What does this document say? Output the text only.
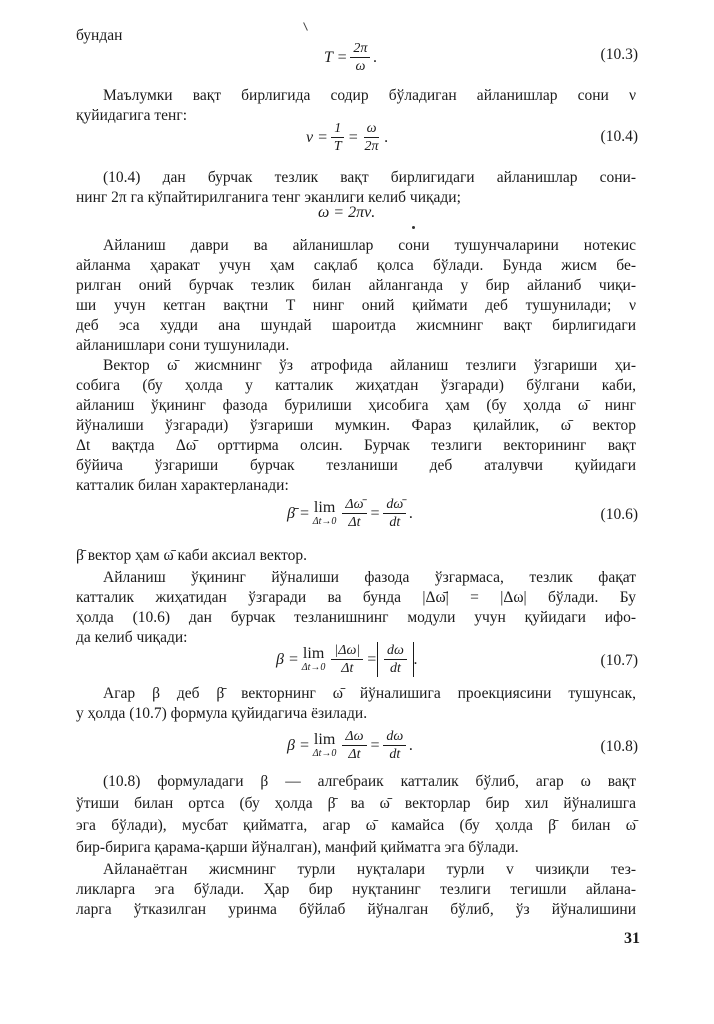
бундан
$T = \frac{2\pi}{\omega}$ .	(10.3)
$\nu = \frac{1}{T} = \frac{\omega}{2\pi}$ .	(10.4)
ω = 2πν.
β̄ = lim
$\Delta t\to 0 \frac{\Delta\omegā}{\Delta t} = \frac{d\omegā}{dt}$ .	(10.6)
β = lim
$\Delta t\to 0 \frac{|\Delta\omega|}{\Delta t} = \frac{d\omega}{dt}$ .	(10.7)
β = lim
$\Delta t\to 0 \frac{\Delta\omega}{\Delta t} = \frac{d\omega}{dt}$ .	(10.8)
31
Маълумки вақт бирлигида содир бўладиган айланишлар сони ν
қуйидагига тенг:
(10.4) дан бурчак тезлик вақт бирлигидаги айланишлар сони-
нинг 2π га кўпайтирилганига тенг эканлиги келиб чиқади;
Айланиш даври ва айланишлар сони тушунчаларини нотекис
айланма ҳаракат учун ҳам сақлаб қолса бўлади. Бунда жисм бе-
рилган оний бурчак тезлик билан айланганда у бир айланиб чиқи-
ши учун кетган вақтни T нинг оний қиймати деб тушунилади; ν
деб эса худди ана шундай шароитда жисмнинг вақт бирлигидаги
айланишлари сони тушунилади.
Вектор ω̄ жисмнинг ўз атрофида айланиш тезлиги ўзгариши ҳи-
собига (бу ҳолда у катталик жиҳатдан ўзгаради) бўлгани каби,
айланиш ўқининг фазода бурилиши ҳисобига ҳам (бу ҳолда ω̄ нинг
йўналиши ўзгаради) ўзгариши мумкин. Фараз қилайлик, ω̄ вектор
Δt вақтда Δω̄ орттирма олсин. Бурчак тезлиги векторининг вақт
бўйича ўзгариши бурчак тезланиши деб аталувчи қуйидаги
катталик билан характерланади:
β̄ вектор ҳам ω̄ каби аксиал вектор.
Айланиш ўқининг йўналиши фазода ўзгармаса, тезлик фақат
катталик жиҳатидан ўзгаради ва бунда |Δω̄| = |Δω| бўлади. Бу
ҳолда (10.6) дан бурчак тезланишнинг модули учун қуйидаги ифо-
да келиб чиқади:
Агар β деб β̄ векторнинг ω̄ йўналишига проекциясини тушунсак,
у ҳолда (10.7) формула қуйидагича ёзилади.
(10.8) формуладаги β — алгебраик катталик бўлиб, агар ω вақт
ўтиши билан ортса (бу ҳолда β̄ ва ω̄ векторлар бир хил йўналишга
эга бўлади), мусбат қийматга, агар ω̄ камайса (бу ҳолда β̄ билан ω̄
бир-бирига қарама-қарши йўналган), манфий қийматга эга бўлади.
Айланаётган жисмнинг турли нуқталари турли v чизиқли тез-
ликларга эга бўлади. Ҳар бир нуқтанинг тезлиги тегишли айлана-
ларга ўтказилган уринма бўйлаб йўналган бўлиб, ўз йўналишини
